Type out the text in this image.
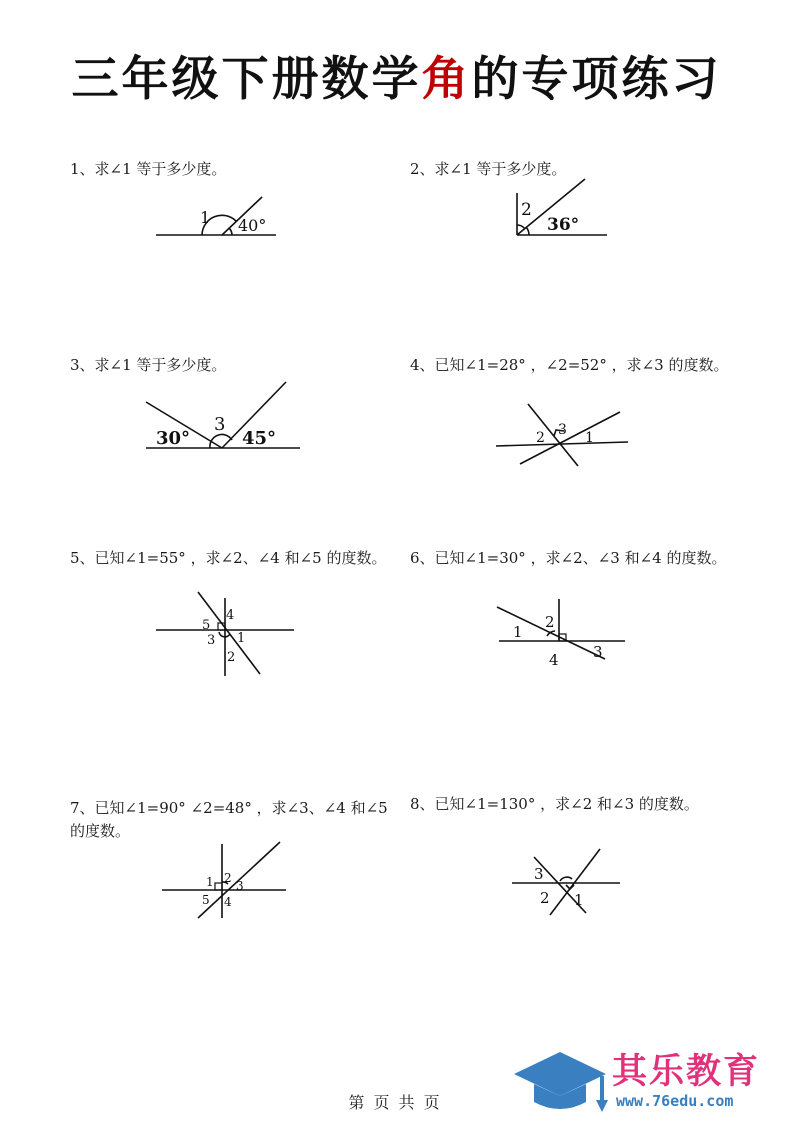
三年级下册数学角的专项练习
1、求∠1 等于多少度。
1 40°
2、求∠1 等于多少度。
2
36°
3、求∠1 等于多少度。
30°
3
45°
4、已知∠1=28° ，∠2=52° ，求∠3 的度数。
2 3 1
5、已知∠1=55° ，求∠2、∠4 和∠5 的度数。
5
4
3 1
2
6、已知∠1=30° ，求∠2、∠3 和∠4 的度数。
2
1
4 3
7、已知∠1=90° ∠2=48° ，求∠3、∠4 和∠5 的度数。
1 2
3
5 4
8、已知∠1=130° ，求∠2 和∠3 的度数。
3
2 1
第 页 共 页
其乐教育
www.76edu.com
